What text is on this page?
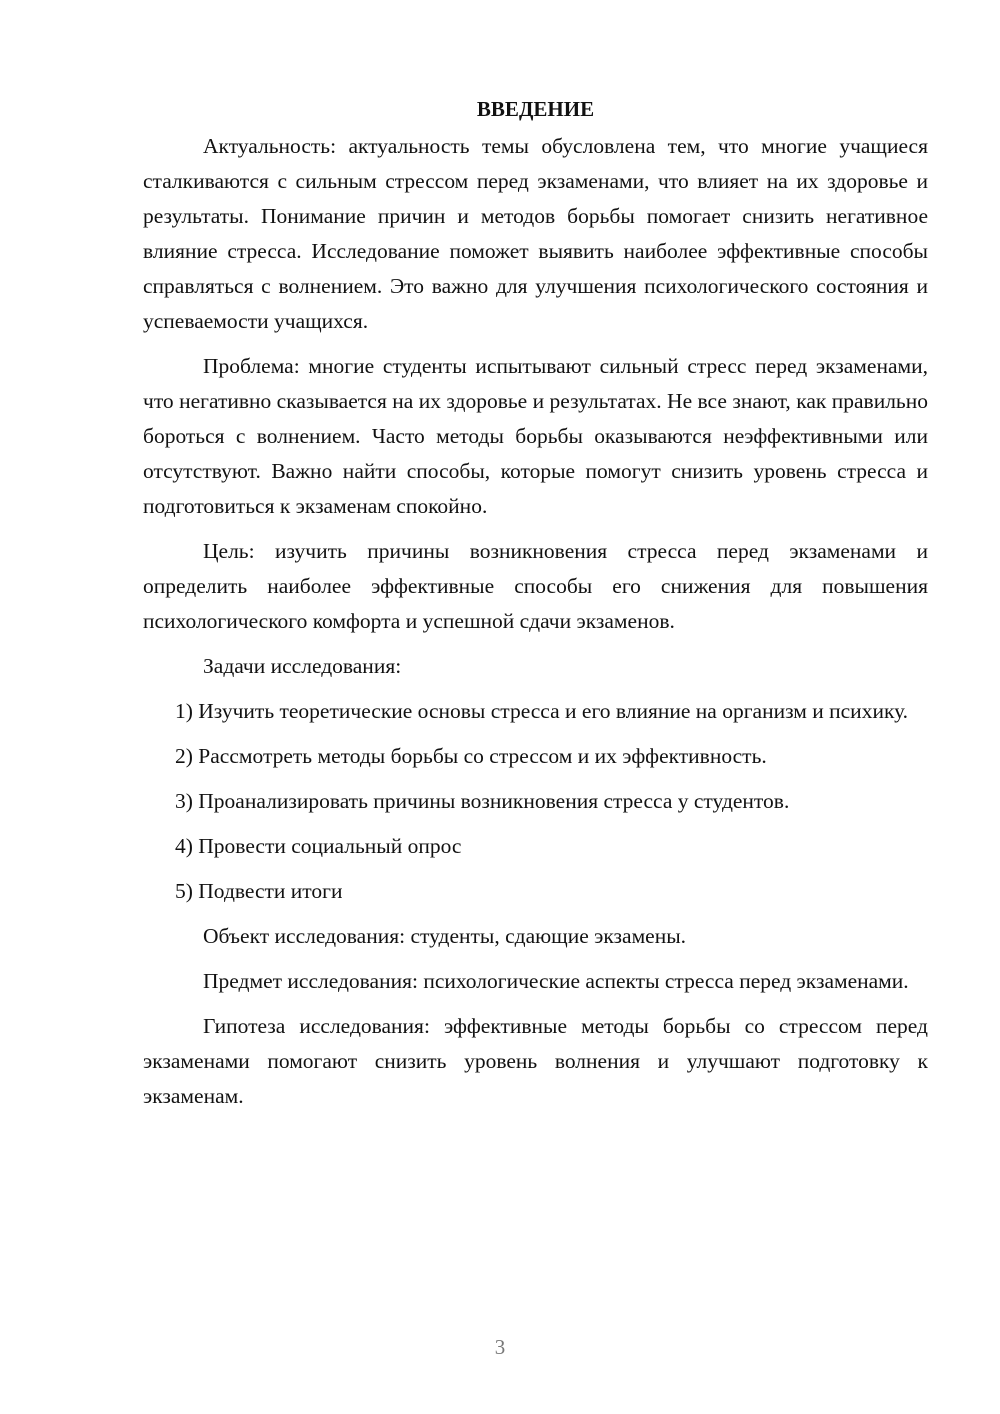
ВВЕДЕНИЕ

Актуальность: актуальность темы обусловлена тем, что многие учащиеся сталкиваются с сильным стрессом перед экзаменами, что влияет на их здоровье и результаты. Понимание причин и методов борьбы помогает снизить негативное влияние стресса. Исследование поможет выявить наиболее эффективные способы справляться с волнением. Это важно для улучшения психологического состояния и успеваемости учащихся.

Проблема: многие студенты испытывают сильный стресс перед экзаменами, что негативно сказывается на их здоровье и результатах. Не все знают, как правильно бороться с волнением. Часто методы борьбы оказываются неэффективными или отсутствуют. Важно найти способы, которые помогут снизить уровень стресса и подготовиться к экзаменам спокойно.

Цель: изучить причины возникновения стресса перед экзаменами и определить наиболее эффективные способы его снижения для повышения психологического комфорта и успешной сдачи экзаменов.

Задачи исследования:

1) Изучить теоретические основы стресса и его влияние на организм и психику.

2) Рассмотреть методы борьбы со стрессом и их эффективность.

3) Проанализировать причины возникновения стресса у студентов.

4) Провести социальный опрос

5) Подвести итоги

Объект исследования: студенты, сдающие экзамены.

Предмет исследования: психологические аспекты стресса перед экзаменами.

Гипотеза исследования: эффективные методы борьбы со стрессом перед экзаменами помогают снизить уровень волнения и улучшают подготовку к экзаменам.

3
